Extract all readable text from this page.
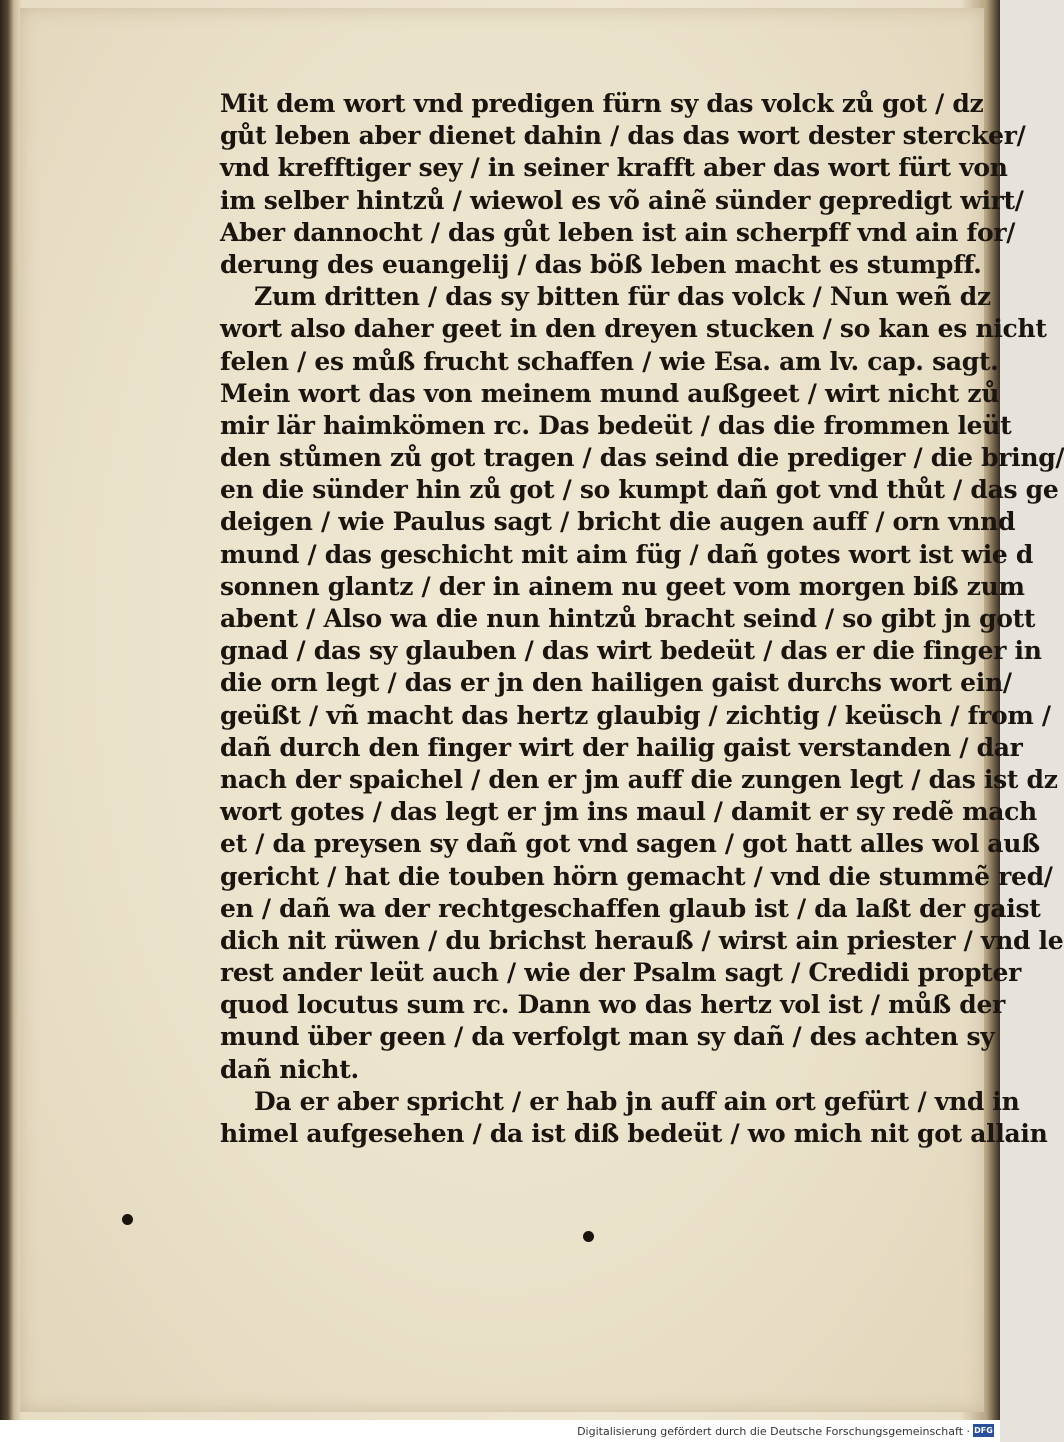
Mit dem wort vnd predigen fürn sy das volck zů got / dz
gůt leben aber dienet dahin / das das wort dester stercker/
vnd krefftiger sey / in seiner krafft aber das wort fürt von
im selber hintzů / wiewol es võ ainẽ sünder gepredigt wirt/
Aber dannocht / das gůt leben ist ain scherpff vnd ain for/
derung des euangelij / das böß leben macht es stumpff.
Zum dritten / das sy bitten für das volck / Nun weñ dz
wort also daher geet in den dreyen stucken / so kan es nicht
felen / es můß frucht schaffen / wie Esa. am lv. cap. sagt.
Mein wort das von meinem mund außgeet / wirt nicht zů
mir lär haimkömen rc. Das bedeüt / das die frommen leüt
den stůmen zů got tragen / das seind die prediger / die bring/
en die sünder hin zů got / so kumpt dañ got vnd thůt / das ge
deigen / wie Paulus sagt / bricht die augen auff / orn vnnd
mund / das geschicht mit aim füg / dañ gotes wort ist wie d
sonnen glantz / der in ainem nu geet vom morgen biß zum
abent / Also wa die nun hintzů bracht seind / so gibt jn gott
gnad / das sy glauben / das wirt bedeüt / das er die finger in
die orn legt / das er jn den hailigen gaist durchs wort ein/
geüßt / vñ macht das hertz glaubig / zichtig / keüsch / from /
dañ durch den finger wirt der hailig gaist verstanden / dar
nach der spaichel / den er jm auff die zungen legt / das ist dz
wort gotes / das legt er jm ins maul / damit er sy redẽ mach
et / da preysen sy dañ got vnd sagen / got hatt alles wol auß
gericht / hat die touben hörn gemacht / vnd die stummẽ red/
en / dañ wa der rechtgeschaffen glaub ist / da laßt der gaist
dich nit rüwen / du brichst herauß / wirst ain priester / vnd le
rest ander leüt auch / wie der Psalm sagt / Credidi propter
quod locutus sum rc. Dann wo das hertz vol ist / můß der
mund über geen / da verfolgt man sy dañ / des achten sy
dañ nicht.
Da er aber spricht / er hab jn auff ain ort gefürt / vnd in
himel aufgesehen / da ist diß bedeüt / wo mich nit got allain
Digitalisierung gefördert durch die Deutsche Forschungsgemeinschaft · DFG
